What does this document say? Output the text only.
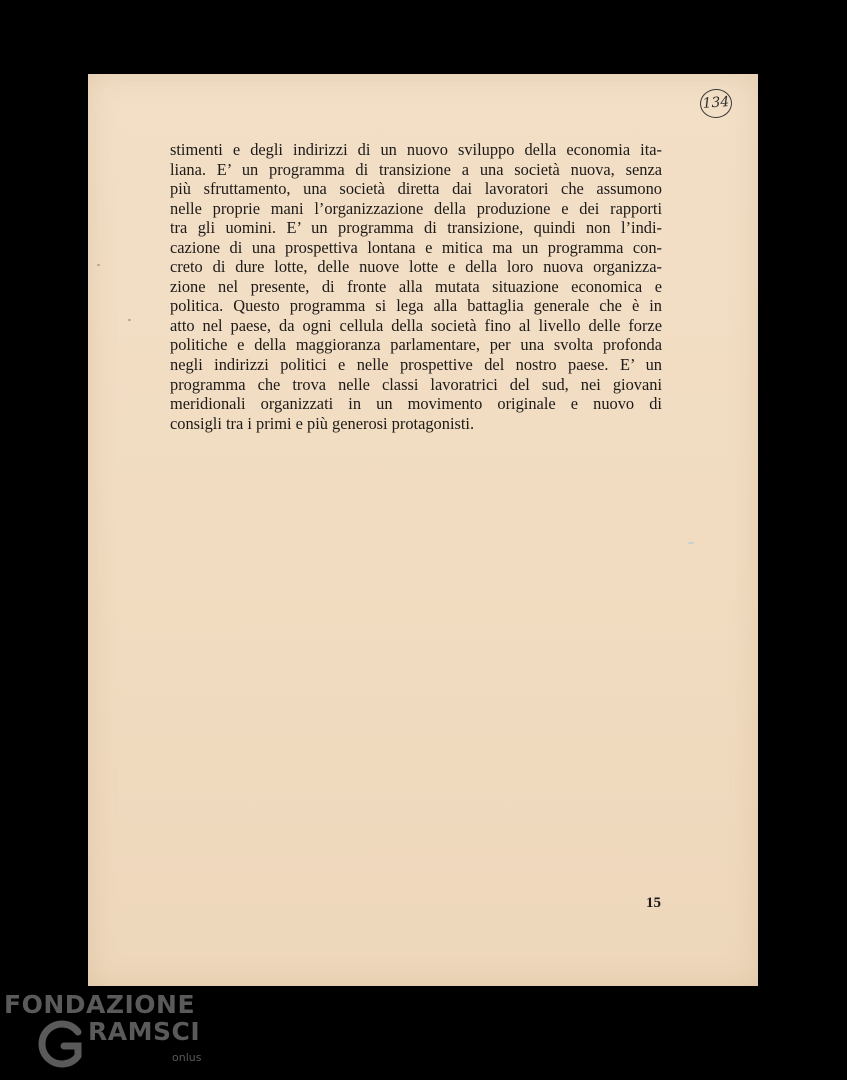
134
stimenti e degli indirizzi di un nuovo sviluppo della economia ita-
liana. E’ un programma di transizione a una società nuova, senza
più sfruttamento, una società diretta dai lavoratori che assumono
nelle proprie mani l’organizzazione della produzione e dei rapporti
tra gli uomini. E’ un programma di transizione, quindi non l’indi-
cazione di una prospettiva lontana e mitica ma un programma con-
creto di dure lotte, delle nuove lotte e della loro nuova organizza-
zione nel presente, di fronte alla mutata situazione economica e
politica. Questo programma si lega alla battaglia generale che è in
atto nel paese, da ogni cellula della società fino al livello delle forze
politiche e della maggioranza parlamentare, per una svolta profonda
negli indirizzi politici e nelle prospettive del nostro paese. E’ un
programma che trova nelle classi lavoratrici del sud, nei giovani
meridionali organizzati in un movimento originale e nuovo di
consigli tra i primi e più generosi protagonisti.
15
FONDAZIONE
RAMSCI
onlus
